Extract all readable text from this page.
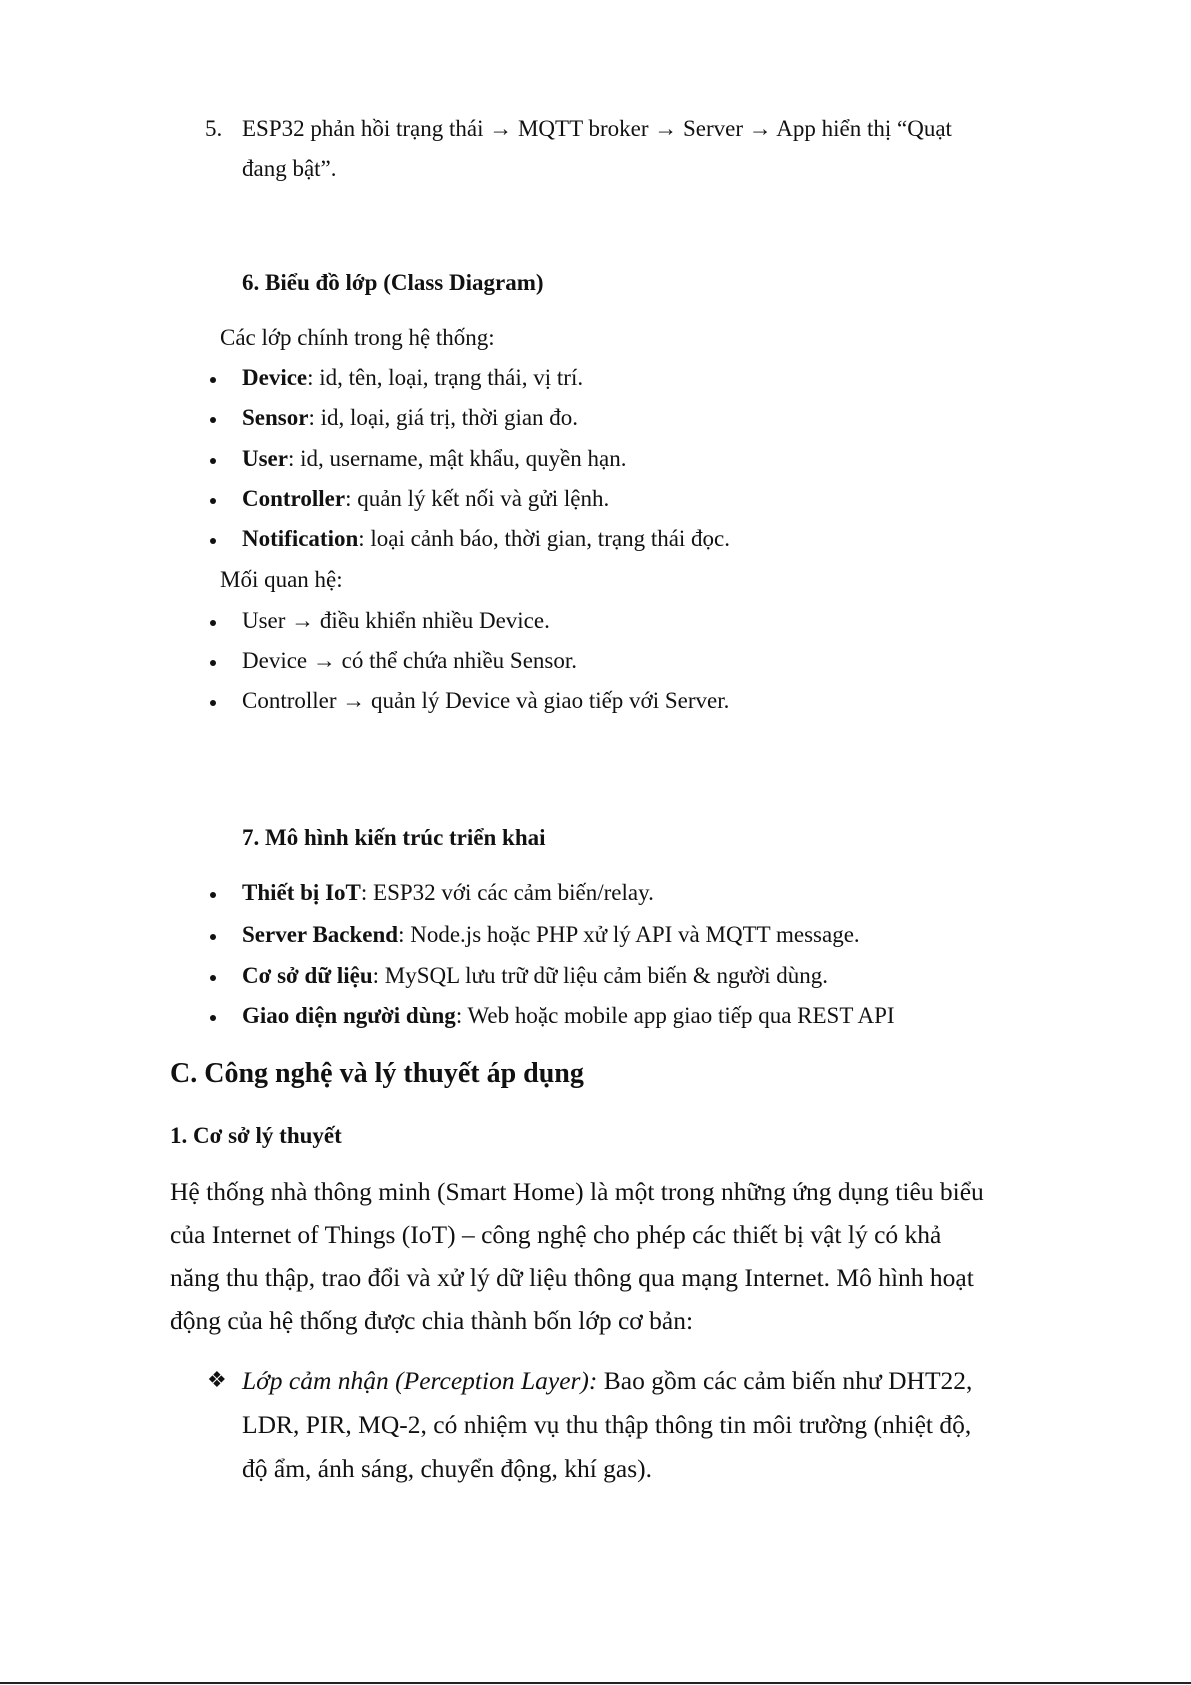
5. ESP32 phản hồi trạng thái → MQTT broker → Server → App hiển thị “Quạt
đang bật”.
6. Biểu đồ lớp (Class Diagram)
Các lớp chính trong hệ thống:
Device: id, tên, loại, trạng thái, vị trí.
Sensor: id, loại, giá trị, thời gian đo.
User: id, username, mật khẩu, quyền hạn.
Controller: quản lý kết nối và gửi lệnh.
Notification: loại cảnh báo, thời gian, trạng thái đọc.
Mối quan hệ:
User → điều khiển nhiều Device.
Device → có thể chứa nhiều Sensor.
Controller → quản lý Device và giao tiếp với Server.
7. Mô hình kiến trúc triển khai
Thiết bị IoT: ESP32 với các cảm biến/relay.
Server Backend: Node.js hoặc PHP xử lý API và MQTT message.
Cơ sở dữ liệu: MySQL lưu trữ dữ liệu cảm biến & người dùng.
Giao diện người dùng: Web hoặc mobile app giao tiếp qua REST API
C. Công nghệ và lý thuyết áp dụng
1. Cơ sở lý thuyết
Hệ thống nhà thông minh (Smart Home) là một trong những ứng dụng tiêu biểu
của Internet of Things (IoT) – công nghệ cho phép các thiết bị vật lý có khả
năng thu thập, trao đổi và xử lý dữ liệu thông qua mạng Internet. Mô hình hoạt
động của hệ thống được chia thành bốn lớp cơ bản:
❖ Lớp cảm nhận (Perception Layer): Bao gồm các cảm biến như DHT22,
LDR, PIR, MQ-2, có nhiệm vụ thu thập thông tin môi trường (nhiệt độ,
độ ẩm, ánh sáng, chuyển động, khí gas).
